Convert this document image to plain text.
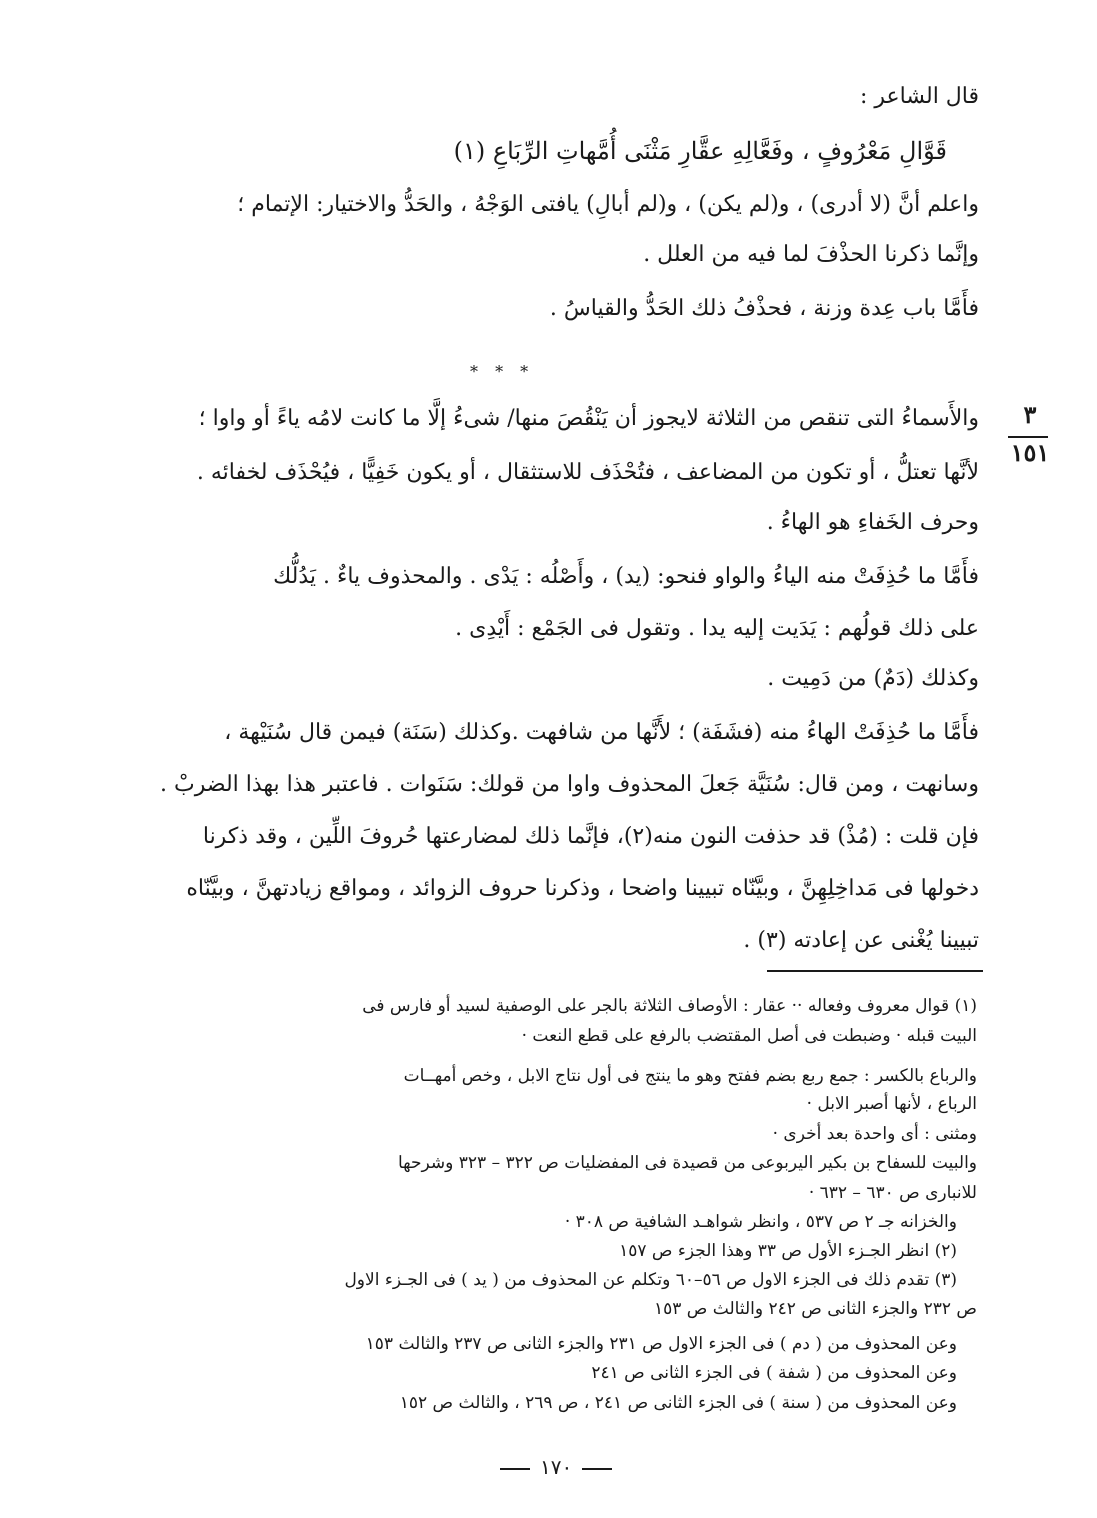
قال الشاعر :
قَوَّالِ مَعْرُوفٍ ، وفَعَّالِهِ عقَّارِ مَثْنَى أُمَّهاتِ الرِّبَاعِ (١)
واعلم أنَّ (لا أدرى) ، و(لم يكن) ، و(لم أبالِ) يافتى الوَجْهُ ، والحَدُّ والاختيار: الإتمام ؛
وإنَّما ذكرنا الحذْفَ لما فيه من العلل .
فأَمَّا باب عِدة وزنة ، فحذْفُ ذلك الحَدُّ والقياسُ .
* * *
والأَسماءُ التى تنقص من الثلاثة لايجوز أن يَنْقُصَ منها/ شىءُ إلَّا ما كانت لامُه ياءً أو واوا ؛
لأنَّها تعتلُّ ، أو تكون من المضاعف ، فتُحْذَف للاستثقال ، أو يكون خَفِيًّا ، فيُحْذَف لخفائه .
وحرف الخَفاءِ هو الهاءُ .
فأَمَّا ما حُذِفَتْ منه الياءُ والواو فنحو: (يد) ، وأَصْلُه : يَدْى . والمحذوف ياءٌ . يَدُلُّك
على ذلك قولُهم : يَدَيت إليه يدا . وتقول فى الجَمْع : أَيْدِى .
وكذلك (دَمٌ) من دَمِيت .
فأَمَّا ما حُذِفَتْ الهاءُ منه (فشَفَة) ؛ لأَنَّها من شافهت .وكذلك (سَنَة) فيمن قال سُنَيْهة ،
وسانهت ، ومن قال: سُنَيَّة جَعلَ المحذوف واوا من قولك: سَنَوات . فاعتبر هذا بهذا الضربْ .
فإن قلت : (مُذْ) قد حذفت النون منه(٢)، فإنَّما ذلك لمضارعتها حُروفَ اللِّين ، وقد ذكرنا
دخولها فى مَداخِلِهِنَّ ، وبيَّنّاه تبيينا واضحا ، وذكرنا حروف الزوائد ، ومواقع زيادتهنَّ ، وبيَّنّاه
تبيينا يُغْنى عن إعادته (٣) .
٣
١٥١
(١) قوال معروف وفعاله ·· عقار : الأوصاف الثلاثة بالجر على الوصفية لسيد أو فارس فى
البيت قبله · وضبطت فى أصل المقتضب بالرفع على قطع النعت ·
والرباع بالكسر : جمع ربع بضم ففتح وهو ما ينتج فى أول نتاج الابل ، وخص أمهــات
الرباع ، لأنها أصبر الابل ·
ومثنى : أى واحدة بعد أخرى ·
والبيت للسفاح بن بكير اليربوعى من قصيدة فى المفضليات ص ٣٢٢ – ٣٢٣ وشرحها
للانبارى ص ٦٣٠ – ٦٣٢ ·
والخزانه جـ ٢ ص ٥٣٧ ، وانظر شواهـد الشافية ص ٣٠٨ ·
(٢) انظر الجـزء الأول ص ٣٣ وهذا الجزء ص ١٥٧
(٣) تقدم ذلك فى الجزء الاول ص ٥٦–٦٠ وتكلم عن المحذوف من ( يد ) فى الجـزء الاول
ص ٢٣٢ والجزء الثانى ص ٢٤٢ والثالث ص ١٥٣
وعن المحذوف من ( دم ) فى الجزء الاول ص ٢٣١ والجزء الثانى ص ٢٣٧ والثالث ١٥٣
وعن المحذوف من ( شفة ) فى الجزء الثانى ص ٢٤١
وعن المحذوف من ( سنة ) فى الجزء الثانى ص ٢٤١ ، ص ٢٦٩ ، والثالث ص ١٥٢
١٧٠
